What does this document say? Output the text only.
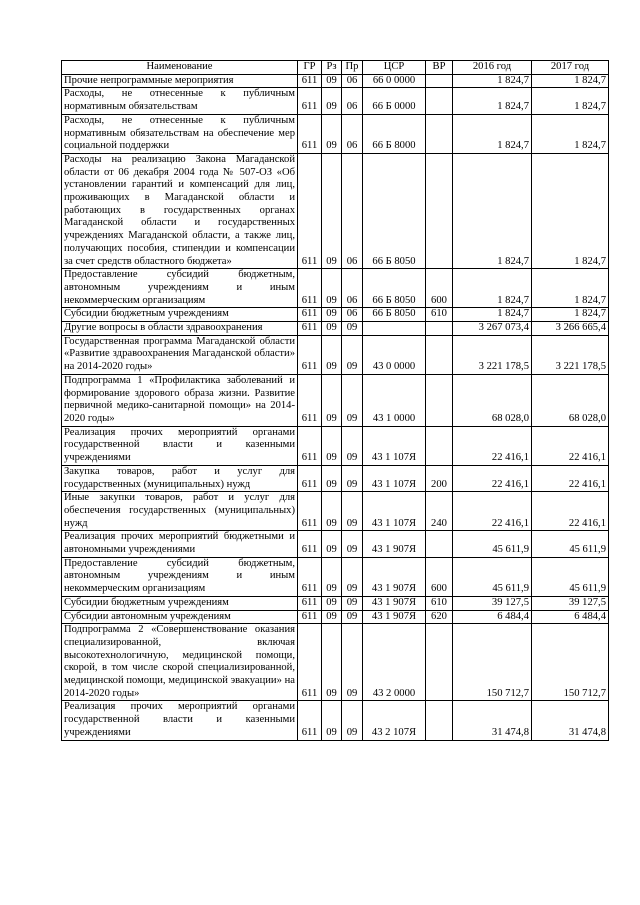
Наименование	ГР	Рз	Пр	ЦСР	ВР	2016 год	2017 год
Прочие непрограммные мероприятия	611	09	06	66 0 0000		1 824,7	1 824,7
Расходы, не отнесенные к публичным нормативным обязательствам	611	09	06	66 Б 0000		1 824,7	1 824,7
Расходы, не отнесенные к публичным нормативным обязательствам на обеспечение мер социальной поддержки	611	09	06	66 Б 8000		1 824,7	1 824,7
Расходы на реализацию Закона Магаданской области от 06 декабря 2004 года № 507-ОЗ «Об установлении гарантий и компенсаций для лиц, проживающих в Магаданской области и работающих в государственных органах Магаданской области и государственных учреждениях Магаданской области, а также лиц, получающих пособия, стипендии и компенсации за счет средств областного бюджета»	611	09	06	66 Б 8050		1 824,7	1 824,7
Предоставление субсидий бюджетным, автономным учреждениям и иным некоммерческим организациям	611	09	06	66 Б 8050	600	1 824,7	1 824,7
Субсидии бюджетным учреждениям	611	09	06	66 Б 8050	610	1 824,7	1 824,7
Другие вопросы в области здравоохранения	611	09	09			3 267 073,4	3 266 665,4
Государственная программа Магаданской области «Развитие здравоохранения Магаданской области» на 2014-2020 годы»	611	09	09	43 0 0000		3 221 178,5	3 221 178,5
Подпрограмма 1 «Профилактика заболеваний и формирование здорового образа жизни. Развитие первичной медико-санитарной помощи» на 2014-2020 годы»	611	09	09	43 1 0000		68 028,0	68 028,0
Реализация прочих мероприятий органами государственной власти и казенными учреждениями	611	09	09	43 1 107Я		22 416,1	22 416,1
Закупка товаров, работ и услуг для государственных (муниципальных) нужд	611	09	09	43 1 107Я	200	22 416,1	22 416,1
Иные закупки товаров, работ и услуг для обеспечения государственных (муниципальных) нужд	611	09	09	43 1 107Я	240	22 416,1	22 416,1
Реализация прочих мероприятий бюджетными и автономными учреждениями	611	09	09	43 1 907Я		45 611,9	45 611,9
Предоставление субсидий бюджетным, автономным учреждениям и иным некоммерческим организациям	611	09	09	43 1 907Я	600	45 611,9	45 611,9
Субсидии бюджетным учреждениям	611	09	09	43 1 907Я	610	39 127,5	39 127,5
Субсидии автономным учреждениям	611	09	09	43 1 907Я	620	6 484,4	6 484,4
Подпрограмма 2 «Совершенствование оказания специализированной, включая высокотехнологичную, медицинской помощи, скорой, в том числе скорой специализированной, медицинской помощи, медицинской эвакуации» на 2014-2020 годы»	611	09	09	43 2 0000		150 712,7	150 712,7
Реализация прочих мероприятий органами государственной власти и казенными учреждениями	611	09	09	43 2 107Я		31 474,8	31 474,8
